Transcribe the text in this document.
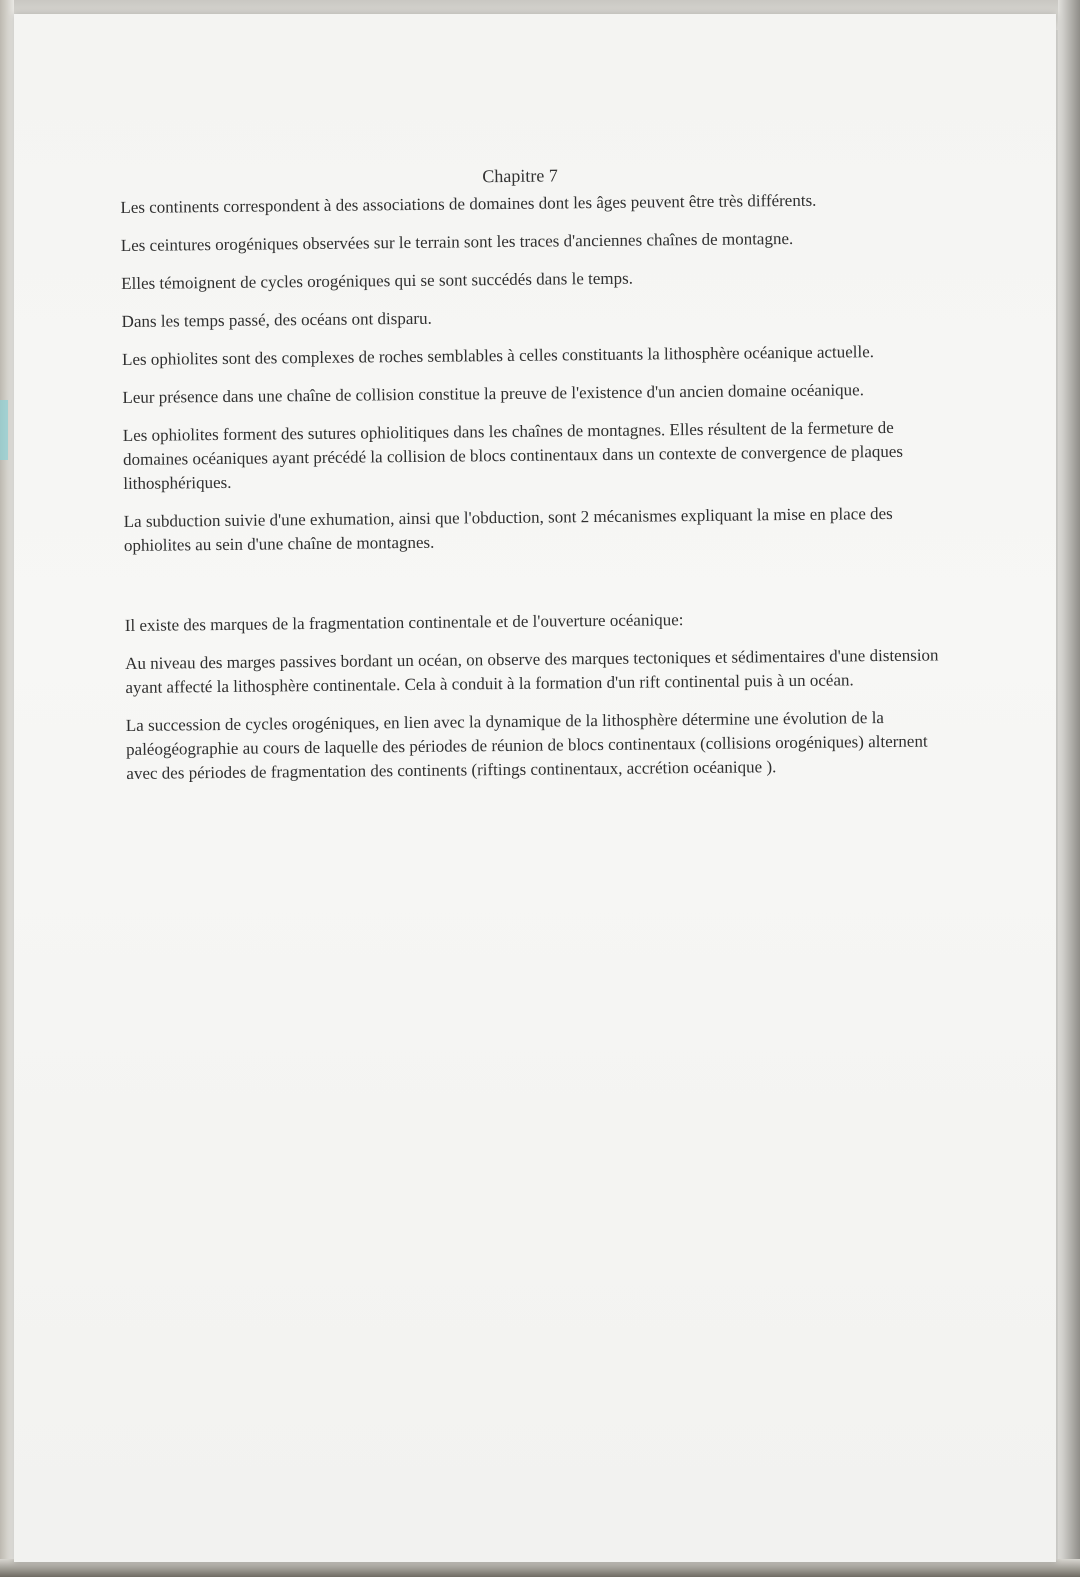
Chapitre 7

Les continents correspondent à des associations de domaines dont les âges peuvent être très différents.

Les ceintures orogéniques observées sur le terrain sont les traces d'anciennes chaînes de montagne.

Elles témoignent de cycles orogéniques qui se sont succédés dans le temps.

Dans les temps passé, des océans ont disparu.

Les ophiolites sont des complexes de roches semblables à celles constituants la lithosphère océanique actuelle.

Leur présence dans une chaîne de collision constitue la preuve de l'existence d'un ancien domaine océanique.

Les ophiolites forment des sutures ophiolitiques dans les chaînes de montagnes. Elles résultent de la fermeture de domaines océaniques ayant précédé la collision de blocs continentaux dans un contexte de convergence de plaques lithosphériques.

La subduction suivie d'une exhumation, ainsi que l'obduction, sont 2 mécanismes expliquant la mise en place des ophiolites au sein d'une chaîne de montagnes.

Il existe des marques de la fragmentation continentale et de l'ouverture océanique:

Au niveau des marges passives bordant un océan, on observe des marques tectoniques et sédimentaires d'une distension ayant affecté la lithosphère continentale. Cela à conduit à la formation d'un rift continental puis à un océan.

La succession de cycles orogéniques, en lien avec la dynamique de la lithosphère détermine une évolution de la paléogéographie au cours de laquelle des périodes de réunion de blocs continentaux (collisions orogéniques) alternent avec des périodes de fragmentation des continents (riftings continentaux, accrétion océanique ).
